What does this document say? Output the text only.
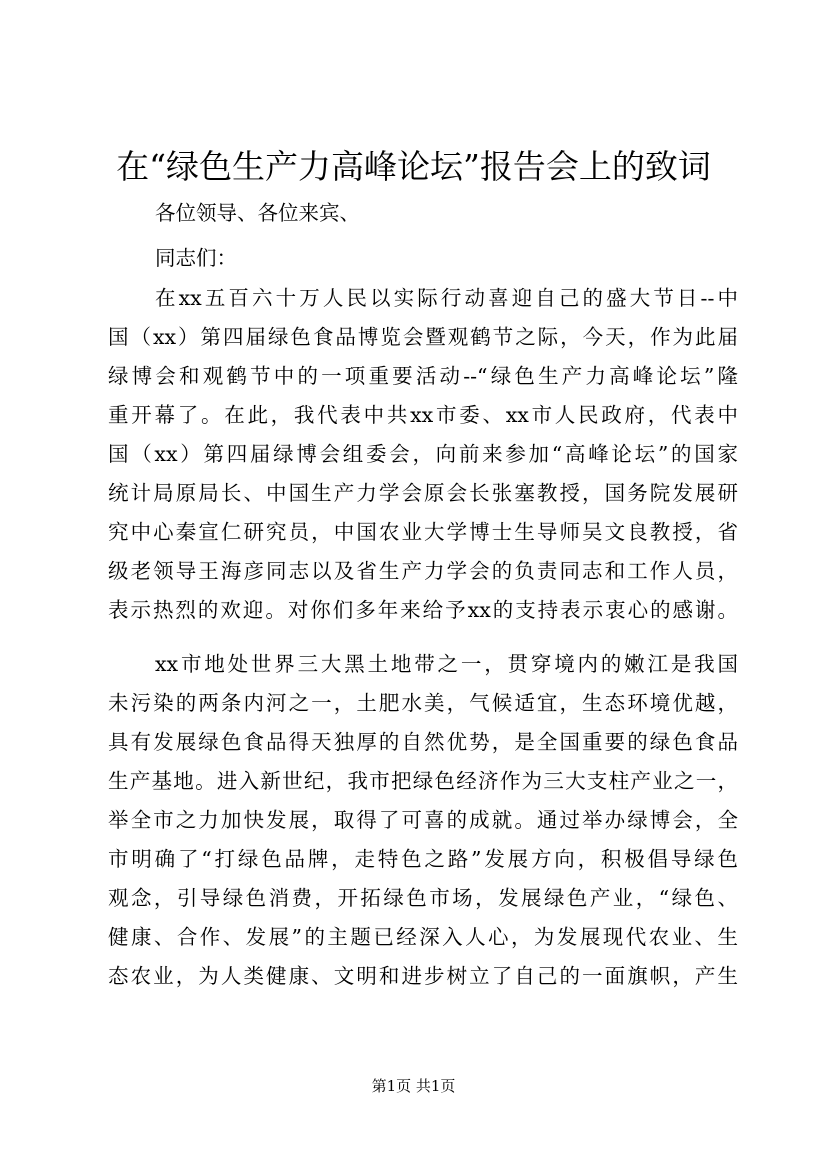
在“绿色生产力高峰论坛”报告会上的致词
各位领导、各位来宾、
同志们：
在xx五百六十万人民以实际行动喜迎自己的盛大节日--中
国（xx）第四届绿色食品博览会暨观鹤节之际，今天，作为此届
绿博会和观鹤节中的一项重要活动--“绿色生产力高峰论坛”隆
重开幕了。在此，我代表中共xx市委、xx市人民政府，代表中
国（xx）第四届绿博会组委会，向前来参加“高峰论坛”的国家
统计局原局长、中国生产力学会原会长张塞教授，国务院发展研
究中心秦宣仁研究员，中国农业大学博士生导师吴文良教授，省
级老领导王海彦同志以及省生产力学会的负责同志和工作人员，
表示热烈的欢迎。对你们多年来给予xx的支持表示衷心的感谢。
xx市地处世界三大黑土地带之一，贯穿境内的嫩江是我国
未污染的两条内河之一，土肥水美，气候适宜，生态环境优越，
具有发展绿色食品得天独厚的自然优势，是全国重要的绿色食品
生产基地。进入新世纪，我市把绿色经济作为三大支柱产业之一，
举全市之力加快发展，取得了可喜的成就。通过举办绿博会，全
市明确了“打绿色品牌，走特色之路”发展方向，积极倡导绿色
观念，引导绿色消费，开拓绿色市场，发展绿色产业，“绿色、
健康、合作、发展”的主题已经深入人心，为发展现代农业、生
态农业，为人类健康、文明和进步树立了自己的一面旗帜，产生
第1页 共1页
